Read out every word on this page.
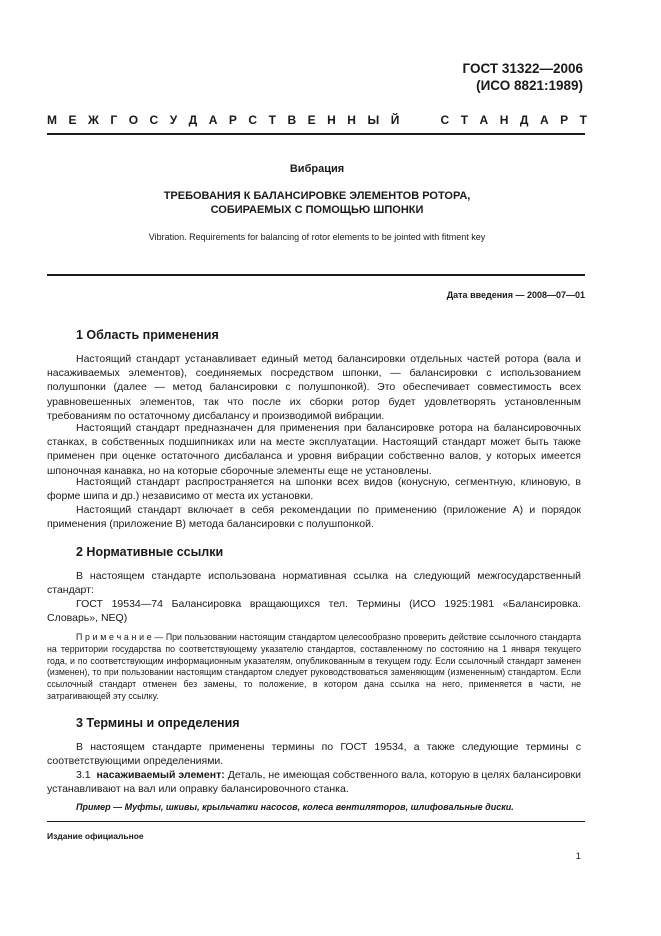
ГОСТ 31322—2006
(ИСО 8821:1989)
М Е Ж Г О С У Д А Р С Т В Е Н Н Ы Й

	С Т А Н Д А Р Т
Вибрация
ТРЕБОВАНИЯ К БАЛАНСИРОВКЕ ЭЛЕМЕНТОВ РОТОРА,
СОБИРАЕМЫХ С ПОМОЩЬЮ ШПОНКИ
Vibration. Requirements for balancing of rotor elements to be jointed with fitment key
Дата введения — 2008—07—01
1 Область применения
Настоящий стандарт устанавливает единый метод балансировки отдельных частей ротора (вала и насаживаемых элементов), соединяемых посредством шпонки, — балансировки с использованием полушпонки (далее — метод балансировки с полушпонкой). Это обеспечивает совместимость всех уравновешенных элементов, так что после их сборки ротор будет удовлетворять установленным требованиям по остаточному дисбалансу и производимой вибрации.
Настоящий стандарт предназначен для применения при балансировке ротора на балансировочных станках, в собственных подшипниках или на месте эксплуатации. Настоящий стандарт может быть также применен при оценке остаточного дисбаланса и уровня вибрации собственно валов, у которых имеется шпоночная канавка, но на которые сборочные элементы еще не установлены.
Настоящий стандарт распространяется на шпонки всех видов (конусную, сегментную, клиновую, в форме шипа и др.) независимо от места их установки.
Настоящий стандарт включает в себя рекомендации по применению (приложение А) и порядок применения (приложение В) метода балансировки с полушпонкой.
2 Нормативные ссылки
В настоящем стандарте использована нормативная ссылка на следующий межгосударственный стандарт:
ГОСТ 19534—74 Балансировка вращающихся тел. Термины (ИСО 1925:1981 «Балансировка. Словарь», NEQ)
П р и м е ч а н и е — При пользовании настоящим стандартом целесообразно проверить действие ссылочного стандарта на территории государства по соответствующему указателю стандартов, составленному по состоянию на 1 января текущего года, и по соответствующим информационным указателям, опубликованным в текущем году. Если ссылочный стандарт заменен (изменен), то при пользовании настоящим стандартом следует руководствоваться заменяющим (измененным) стандартом. Если ссылочный стандарт отменен без замены, то положение, в котором дана ссылка на него, применяется в части, не затрагивающей эту ссылку.
3 Термины и определения
В настоящем стандарте применены термины по ГОСТ 19534, а также следующие термины с соответствующими определениями.
3.1 насаживаемый элемент: Деталь, не имеющая собственного вала, которую в целях балансировки устанавливают на вал или оправку балансировочного станка.
Пример — Муфты, шкивы, крыльчатки насосов, колеса вентиляторов, шлифовальные диски.
Издание официальное
1
